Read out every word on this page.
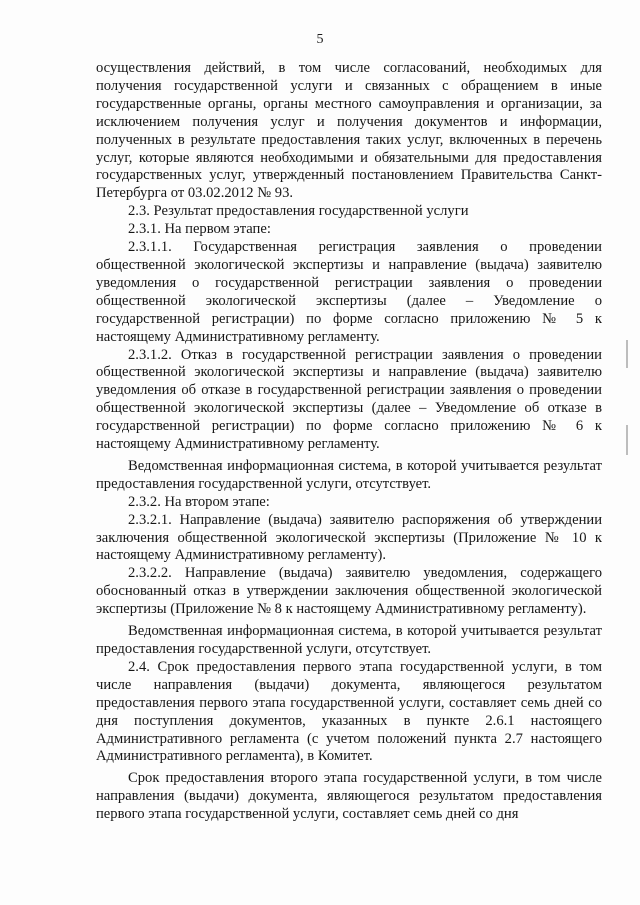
5

осуществления действий, в том числе согласований, необходимых для получения государственной услуги и связанных с обращением в иные государственные органы, органы местного самоуправления и организации, за исключением получения услуг и получения документов и информации, полученных в результате предоставления таких услуг, включенных в перечень услуг, которые являются необходимыми и обязательными для предоставления государственных услуг, утвержденный постановлением Правительства Санкт-Петербурга от 03.02.2012 № 93.

2.3. Результат предоставления государственной услуги

2.3.1. На первом этапе:

2.3.1.1. Государственная регистрация заявления о проведении общественной экологической экспертизы и направление (выдача) заявителю уведомления о государственной регистрации заявления о проведении общественной экологической экспертизы (далее – Уведомление о государственной регистрации) по форме согласно приложению № 5 к настоящему Административному регламенту.

2.3.1.2. Отказ в государственной регистрации заявления о проведении общественной экологической экспертизы и направление (выдача) заявителю уведомления об отказе в государственной регистрации заявления о проведении общественной экологической экспертизы (далее – Уведомление об отказе в государственной регистрации) по форме согласно приложению № 6 к настоящему Административному регламенту.

Ведомственная информационная система, в которой учитывается результат предоставления государственной услуги, отсутствует.

2.3.2. На втором этапе:

2.3.2.1. Направление (выдача) заявителю распоряжения об утверждении заключения общественной экологической экспертизы (Приложение № 10 к настоящему Административному регламенту).

2.3.2.2. Направление (выдача) заявителю уведомления, содержащего обоснованный отказ в утверждении заключения общественной экологической экспертизы (Приложение № 8 к настоящему Административному регламенту).

Ведомственная информационная система, в которой учитывается результат предоставления государственной услуги, отсутствует.

2.4. Срок предоставления первого этапа государственной услуги, в том числе направления (выдачи) документа, являющегося результатом предоставления первого этапа государственной услуги, составляет семь дней со дня поступления документов, указанных в пункте 2.6.1 настоящего Административного регламента (с учетом положений пункта 2.7 настоящего Административного регламента), в Комитет.

Срок предоставления второго этапа государственной услуги, в том числе направления (выдачи) документа, являющегося результатом предоставления первого этапа государственной услуги, составляет семь дней со дня
